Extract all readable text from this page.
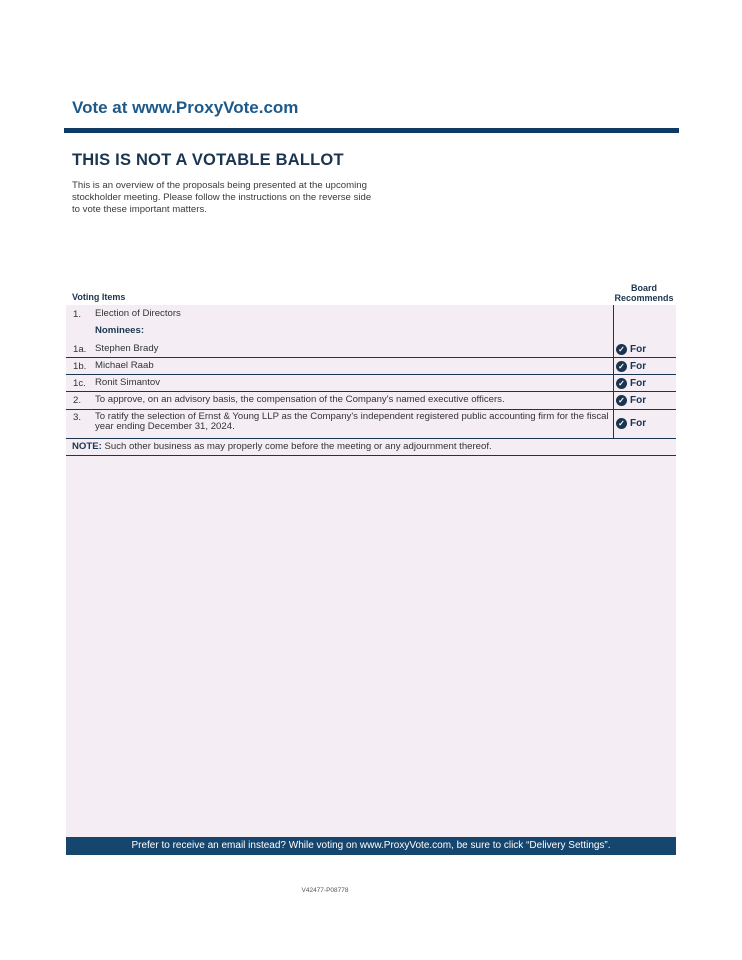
Vote at www.ProxyVote.com
THIS IS NOT A VOTABLE BALLOT
This is an overview of the proposals being presented at the upcoming stockholder meeting. Please follow the instructions on the reverse side to vote these important matters.
Board Recommends
Voting Items
1. Election of Directors
Nominees:
1a. Stephen Brady	✓ For
1b. Michael Raab	✓ For
1c. Ronit Simantov	✓ For
2. To approve, on an advisory basis, the compensation of the Company's named executive officers.	✓ For
3. To ratify the selection of Ernst & Young LLP as the Company's independent registered public accounting firm for the fiscal year ending December 31, 2024.	✓ For
NOTE: Such other business as may properly come before the meeting or any adjournment thereof.
Prefer to receive an email instead? While voting on www.ProxyVote.com, be sure to click “Delivery Settings”.
V42477-P08778
